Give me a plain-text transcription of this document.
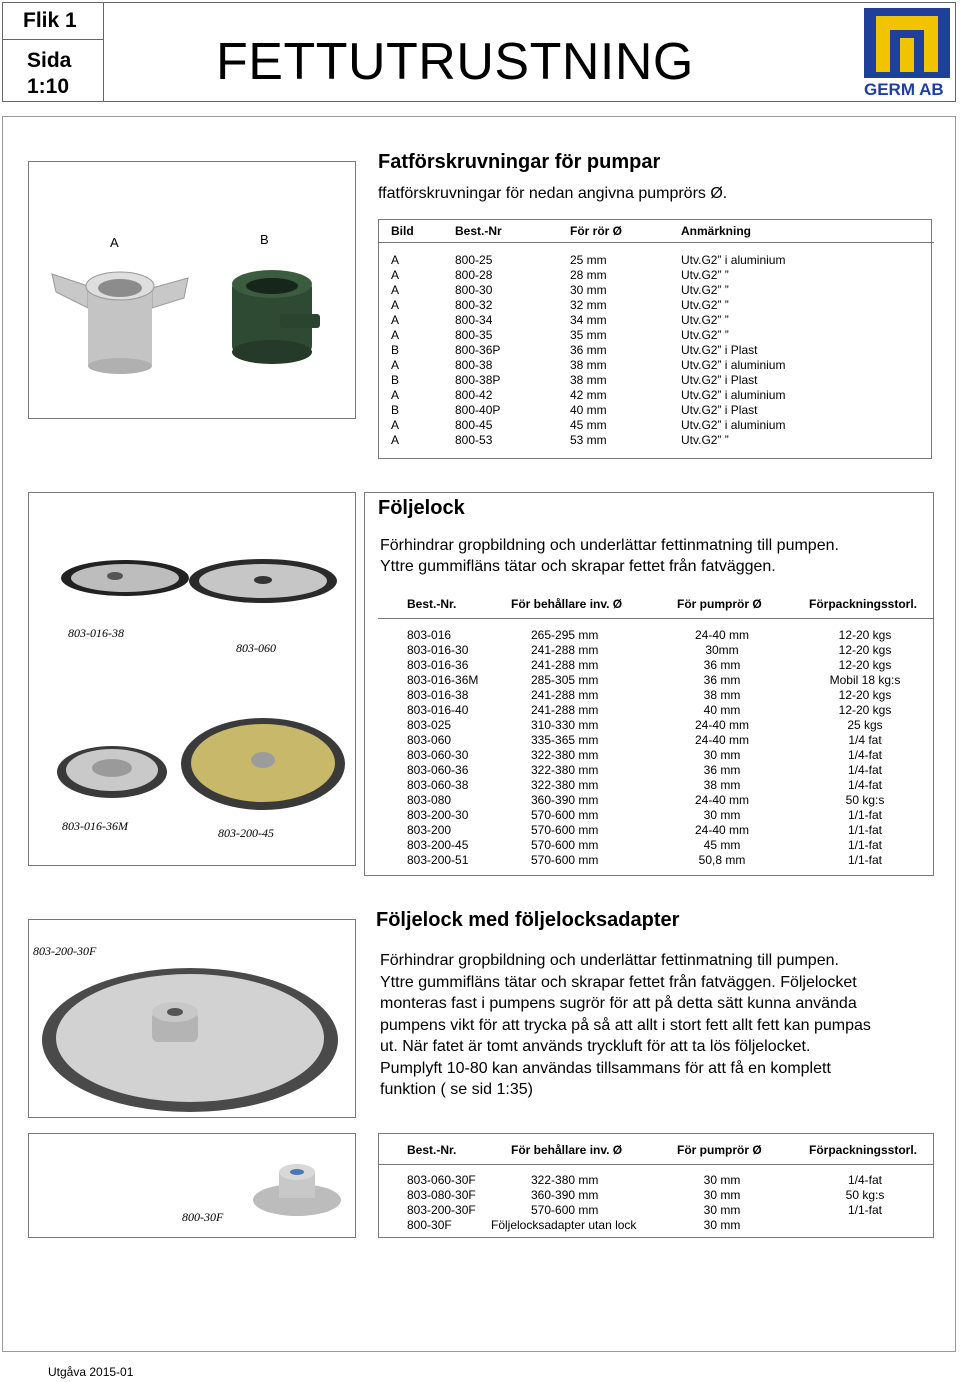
Flik 1
Sida
1:10	FETTUTRUSTNING	GERM AB
A	B
Fatförskruvningar för pumpar
ffatförskruvningar för nedan angivna pumprörs Ø.
Bild	Best.-Nr	För rör Ø	Anmärkning
A	800-25	25 mm	Utv.G2” i aluminium
A	800-28	28 mm	Utv.G2” ”
A	800-30	30 mm	Utv.G2” ”
A	800-32	32 mm	Utv.G2” ”
A	800-34	34 mm	Utv.G2” ”
A	800-35	35 mm	Utv.G2” ”
B	800-36P	36 mm	Utv.G2” i Plast
A	800-38	38 mm	Utv.G2” i aluminium
B	800-38P	38 mm	Utv.G2” i Plast
A	800-42	42 mm	Utv.G2” i aluminium
B	800-40P	40 mm	Utv.G2” i Plast
A	800-45	45 mm	Utv.G2” i aluminium
A	800-53	53 mm	Utv.G2” ”
803-016-38
803-060
803-016-36M	803-200-45
Följelock
Förhindrar gropbildning och underlättar fettinmatning till pumpen.
Yttre gummifläns tätar och skrapar fettet från fatväggen.
Best.-Nr.	För behållare inv. Ø	För pumprör Ø	Förpackningsstorl.
803-016	265-295 mm	24-40 mm	12-20 kgs
803-016-30	241-288 mm	30mm	12-20 kgs
803-016-36	241-288 mm	36 mm	12-20 kgs
803-016-36M	285-305 mm	36 mm	Mobil 18 kg:s
803-016-38	241-288 mm	38 mm	12-20 kgs
803-016-40	241-288 mm	40 mm	12-20 kgs
803-025	310-330 mm	24-40 mm	25 kgs
803-060	335-365 mm	24-40 mm	1/4 fat
803-060-30	322-380 mm	30 mm	1/4-fat
803-060-36	322-380 mm	36 mm	1/4-fat
803-060-38	322-380 mm	38 mm	1/4-fat
803-080	360-390 mm	24-40 mm	50 kg:s
803-200-30	570-600 mm	30 mm	1/1-fat
803-200	570-600 mm	24-40 mm	1/1-fat
803-200-45	570-600 mm	45 mm	1/1-fat
803-200-51	570-600 mm	50,8 mm	1/1-fat
803-200-30F
Följelock med följelocksadapter
Förhindrar gropbildning och underlättar fettinmatning till pumpen.
Yttre gummifläns tätar och skrapar fettet från fatväggen. Följelocket
monteras fast i pumpens sugrör för att på detta sätt kunna använda
pumpens vikt för att trycka på så att allt i stort fett allt fett kan pumpas
ut. När fatet är tomt används tryckluft för att ta lös följelocket.
Pumplyft 10-80 kan användas tillsammans för att få en komplett
funktion ( se sid 1:35)
800-30F
Best.-Nr.	För behållare inv. Ø	För pumprör Ø	Förpackningsstorl.
803-060-30F	322-380 mm	30 mm	1/4-fat
803-080-30F	360-390 mm	30 mm	50 kg:s
803-200-30F	570-600 mm	30 mm	1/1-fat
800-30F	Följelocksadapter utan lock	30 mm
Utgåva 2015-01
